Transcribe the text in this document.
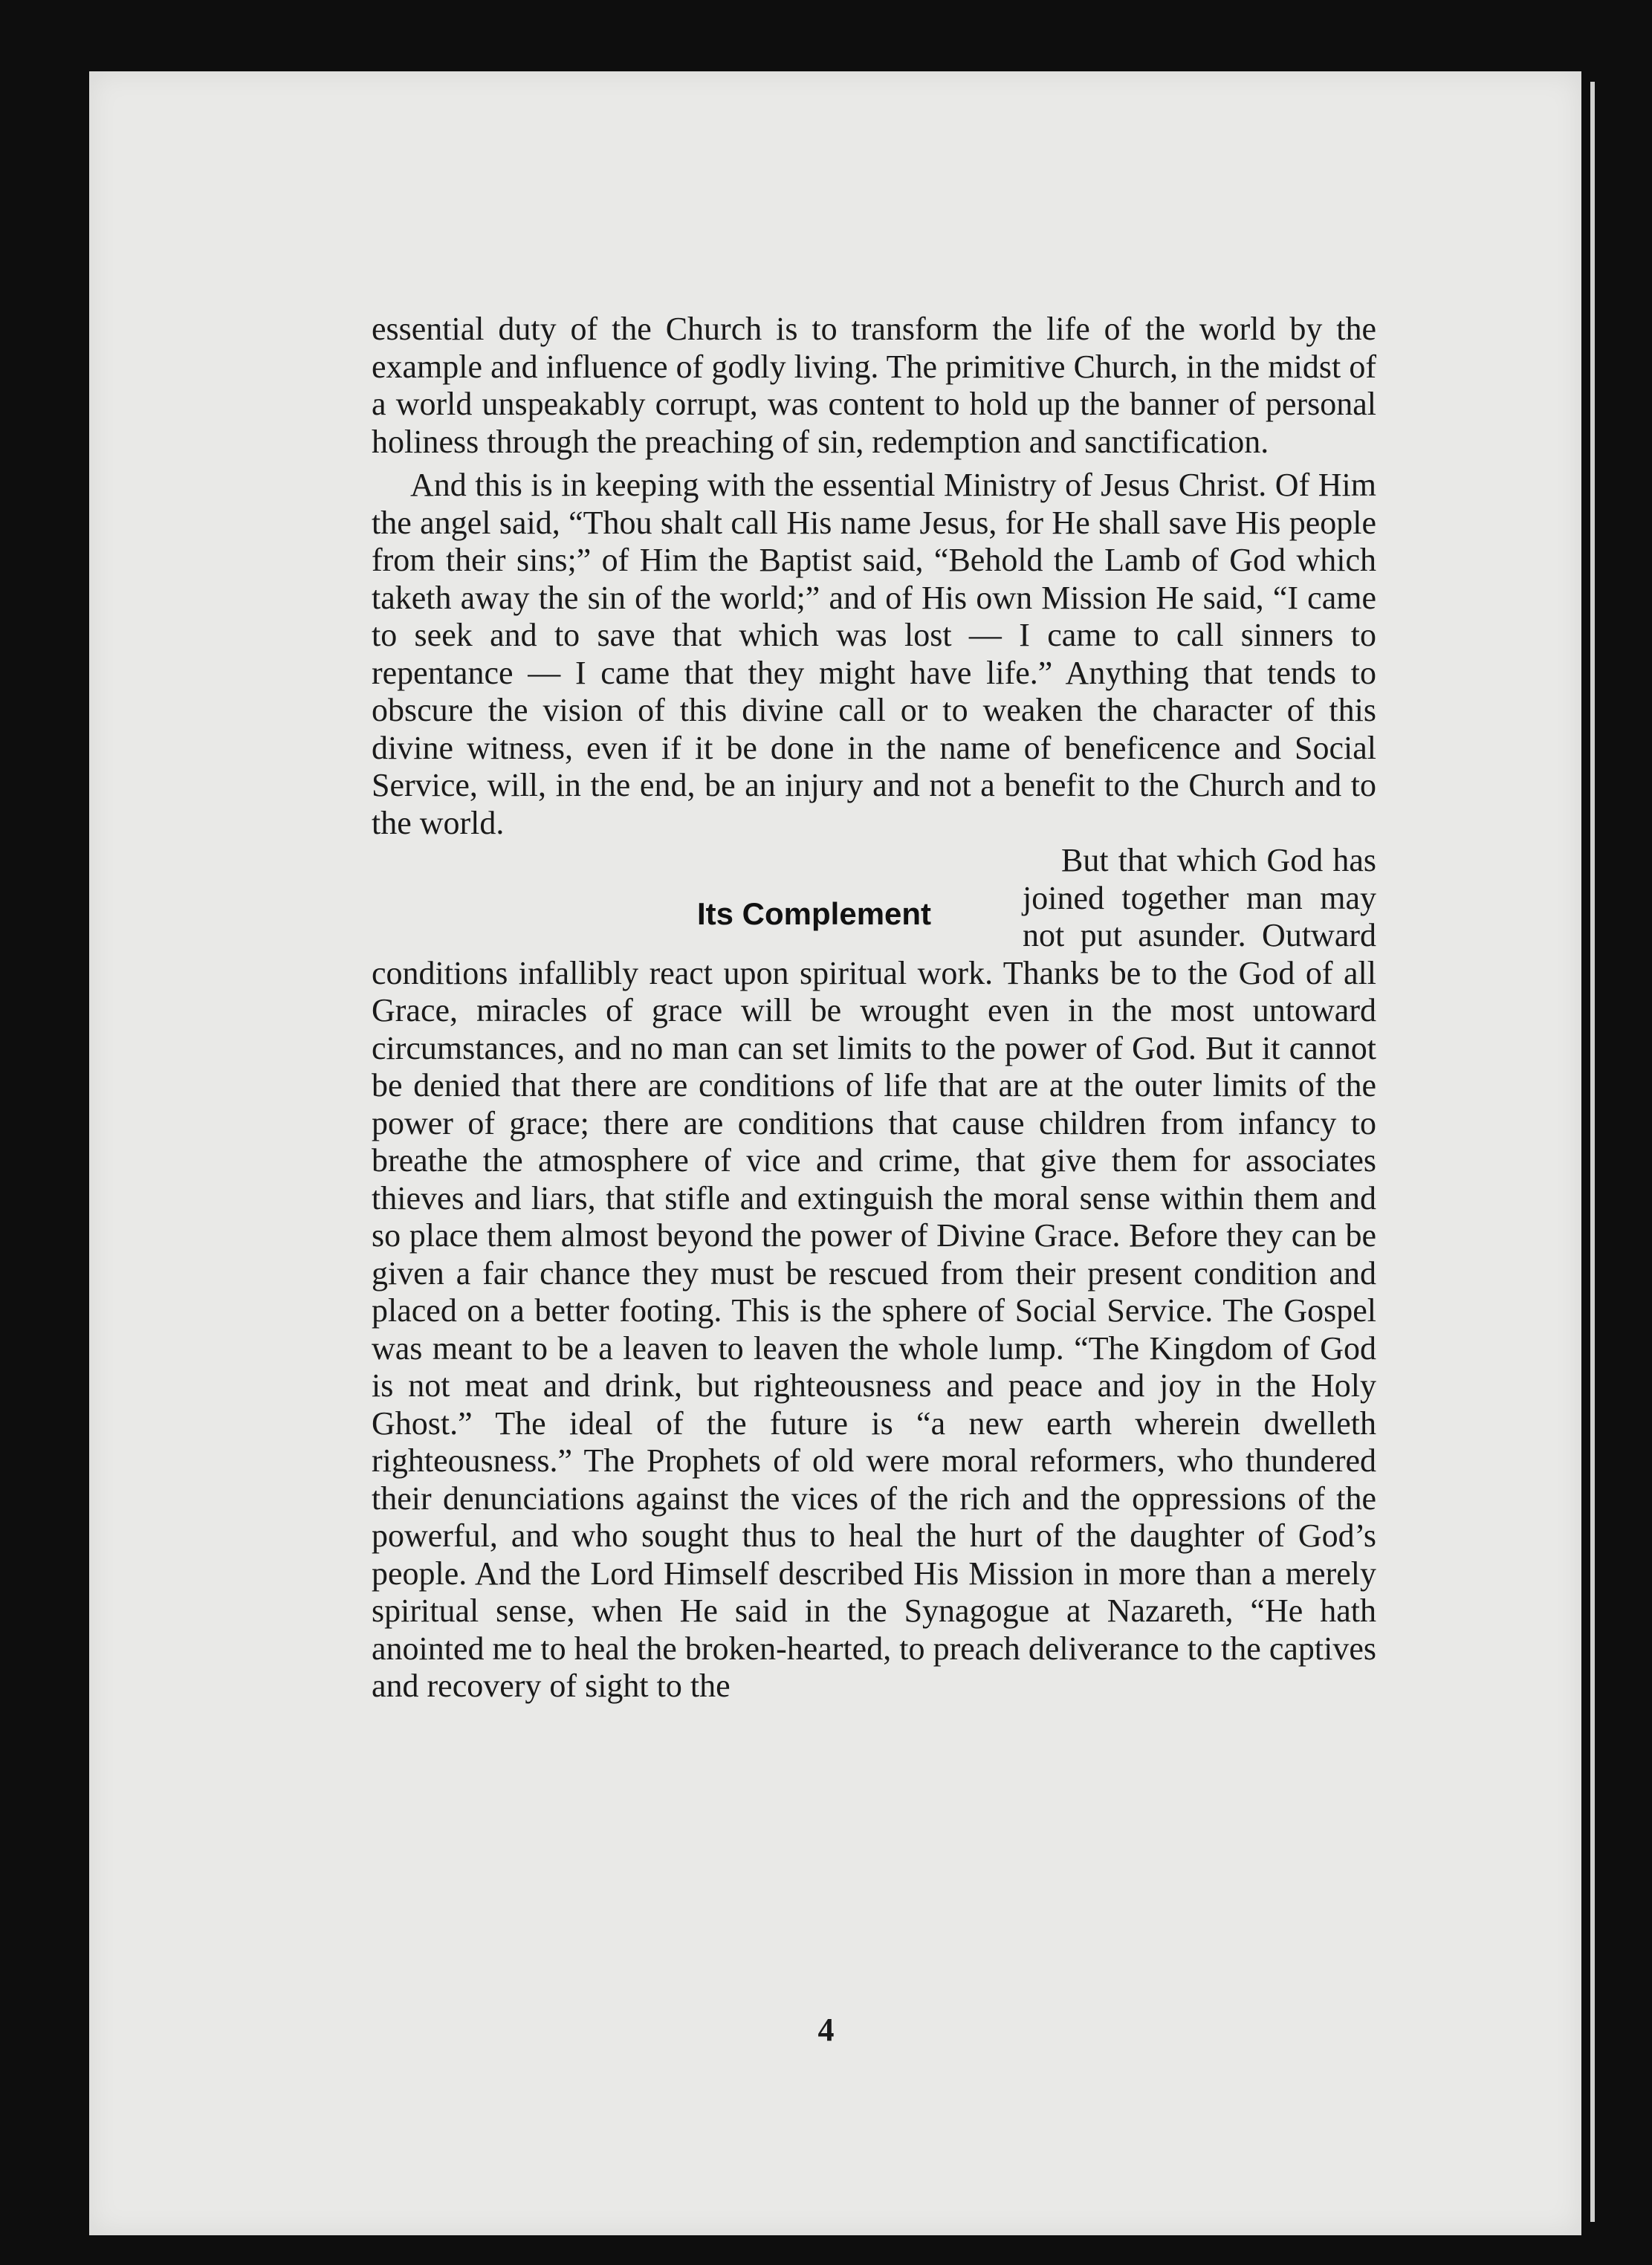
essential duty of the Church is to transform the life of the world by the example and influence of godly living. The primitive Church, in the midst of a world unspeakably corrupt, was content to hold up the banner of personal holiness through the preaching of sin, redemption and sanctification.

And this is in keeping with the essential Ministry of Jesus Christ. Of Him the angel said, “Thou shalt call His name Jesus, for He shall save His people from their sins;” of Him the Baptist said, “Behold the Lamb of God which taketh away the sin of the world;” and of His own Mission He said, “I came to seek and to save that which was lost — I came to call sinners to repentance — I came that they might have life.” Anything that tends to obscure the vision of this divine call or to weaken the character of this divine witness, even if it be done in the name of beneficence and Social Service, will, in the end, be an injury and not a benefit to the Church and to the world.

Its Complement

But that which God has joined together man may not put asunder. Outward conditions infallibly react upon spiritual work. Thanks be to the God of all Grace, miracles of grace will be wrought even in the most untoward circumstances, and no man can set limits to the power of God. But it cannot be denied that there are conditions of life that are at the outer limits of the power of grace; there are conditions that cause children from infancy to breathe the atmosphere of vice and crime, that give them for associates thieves and liars, that stifle and extinguish the moral sense within them and so place them almost beyond the power of Divine Grace. Before they can be given a fair chance they must be rescued from their present condition and placed on a better footing. This is the sphere of Social Service. The Gospel was meant to be a leaven to leaven the whole lump. “The Kingdom of God is not meat and drink, but righteousness and peace and joy in the Holy Ghost.” The ideal of the future is “a new earth wherein dwelleth righteousness.” The Prophets of old were moral reformers, who thundered their denunciations against the vices of the rich and the oppressions of the powerful, and who sought thus to heal the hurt of the daughter of God’s people. And the Lord Himself described His Mission in more than a merely spiritual sense, when He said in the Synagogue at Nazareth, “He hath anointed me to heal the broken-hearted, to preach deliverance to the captives and recovery of sight to the

4
